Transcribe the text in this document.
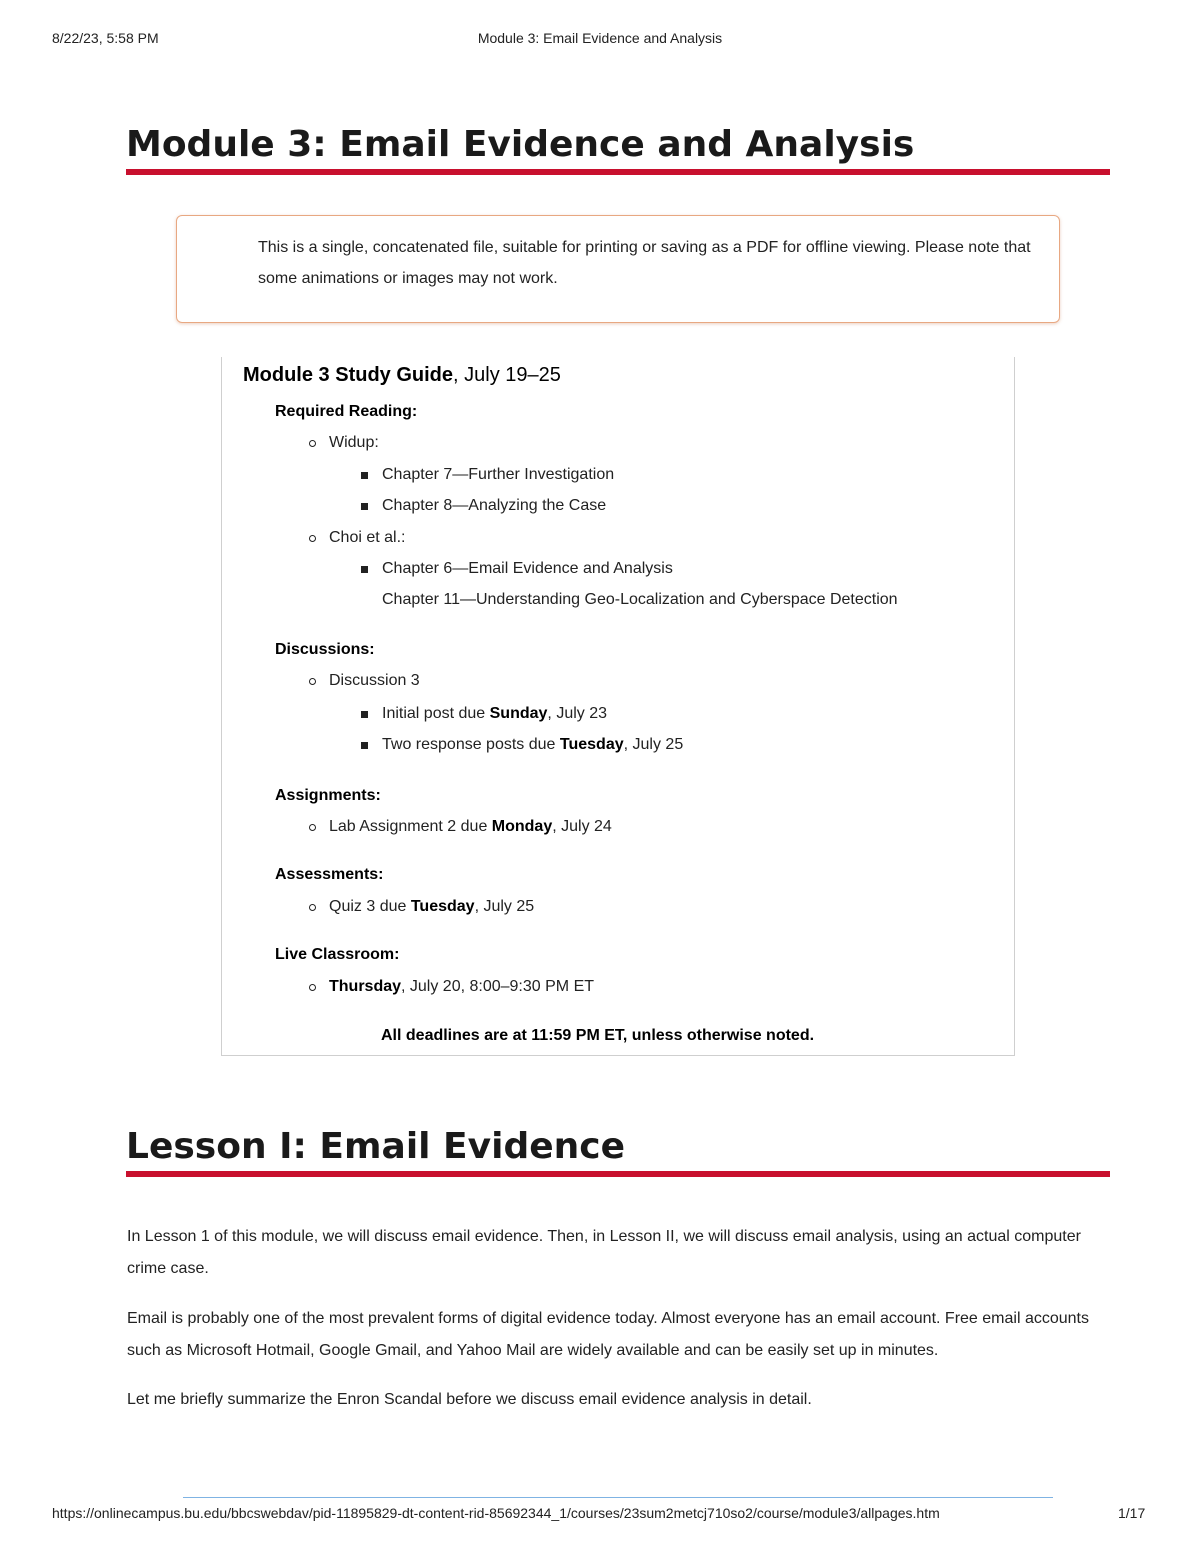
8/22/23, 5:58 PM	Module 3: Email Evidence and Analysis
Module 3: Email Evidence and Analysis

This is a single, concatenated file, suitable for printing or saving as a PDF for offline viewing. Please note that some animations or images may not work.

Module 3 Study Guide, July 19–25
Required Reading:
Widup:
Chapter 7—Further Investigation
Chapter 8—Analyzing the Case
Choi et al.:
Chapter 6—Email Evidence and Analysis
Chapter 11—Understanding Geo-Localization and Cyberspace Detection
Discussions:
Discussion 3
Initial post due Sunday, July 23
Two response posts due Tuesday, July 25
Assignments:
Lab Assignment 2 due Monday, July 24
Assessments:
Quiz 3 due Tuesday, July 25
Live Classroom:
Thursday, July 20, 8:00–9:30 PM ET
All deadlines are at 11:59 PM ET, unless otherwise noted.
Lesson I: Email Evidence

In Lesson 1 of this module, we will discuss email evidence. Then, in Lesson II, we will discuss email analysis, using an actual computer crime case.

Email is probably one of the most prevalent forms of digital evidence today. Almost everyone has an email account. Free email accounts such as Microsoft Hotmail, Google Gmail, and Yahoo Mail are widely available and can be easily set up in minutes.

Let me briefly summarize the Enron Scandal before we discuss email evidence analysis in detail.

https://onlinecampus.bu.edu/bbcswebdav/pid-11895829-dt-content-rid-85692344_1/courses/23sum2metcj710so2/course/module3/allpages.htm	1/17
